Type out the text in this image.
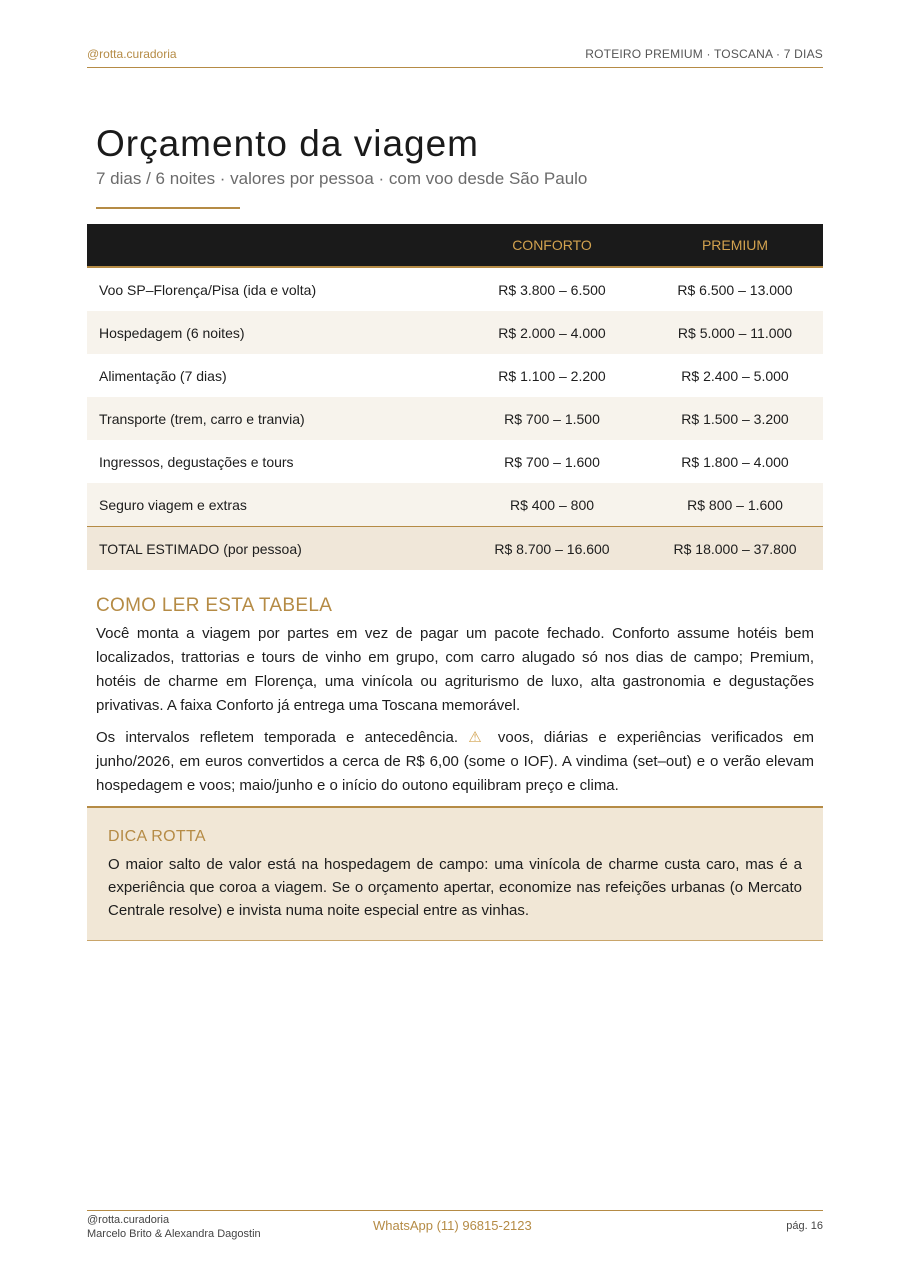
@rotta.curadoria	ROTEIRO PREMIUM · TOSCANA · 7 DIAS
Orçamento da viagem
7 dias / 6 noites · valores por pessoa · com voo desde São Paulo
	CONFORTO	PREMIUM
Voo SP–Florença/Pisa (ida e volta)	R$ 3.800 – 6.500	R$ 6.500 – 13.000
Hospedagem (6 noites)	R$ 2.000 – 4.000	R$ 5.000 – 11.000
Alimentação (7 dias)	R$ 1.100 – 2.200	R$ 2.400 – 5.000
Transporte (trem, carro e tranvia)	R$ 700 – 1.500	R$ 1.500 – 3.200
Ingressos, degustações e tours	R$ 700 – 1.600	R$ 1.800 – 4.000
Seguro viagem e extras	R$ 400 – 800	R$ 800 – 1.600
TOTAL ESTIMADO (por pessoa)	R$ 8.700 – 16.600	R$ 18.000 – 37.800
COMO LER ESTA TABELA

Você monta a viagem por partes em vez de pagar um pacote fechado. Conforto assume hotéis bem localizados, trattorias e tours de vinho em grupo, com carro alugado só nos dias de campo; Premium, hotéis de charme em Florença, uma vinícola ou agriturismo de luxo, alta gastronomia e degustações privativas. A faixa Conforto já entrega uma Toscana memorável.

Os intervalos refletem temporada e antecedência. ⚠ voos, diárias e experiências verificados em junho/2026, em euros convertidos a cerca de R$ 6,00 (some o IOF). A vindima (set–out) e o verão elevam hospedagem e voos; maio/junho e o início do outono equilibram preço e clima.

DICA ROTTA

O maior salto de valor está na hospedagem de campo: uma vinícola de charme custa caro, mas é a experiência que coroa a viagem. Se o orçamento apertar, economize nas refeições urbanas (o Mercato Centrale resolve) e invista numa noite especial entre as vinhas.

@rotta.curadoria
Marcelo Brito & Alexandra Dagostin
WhatsApp (11) 96815-2123	pág. 16
